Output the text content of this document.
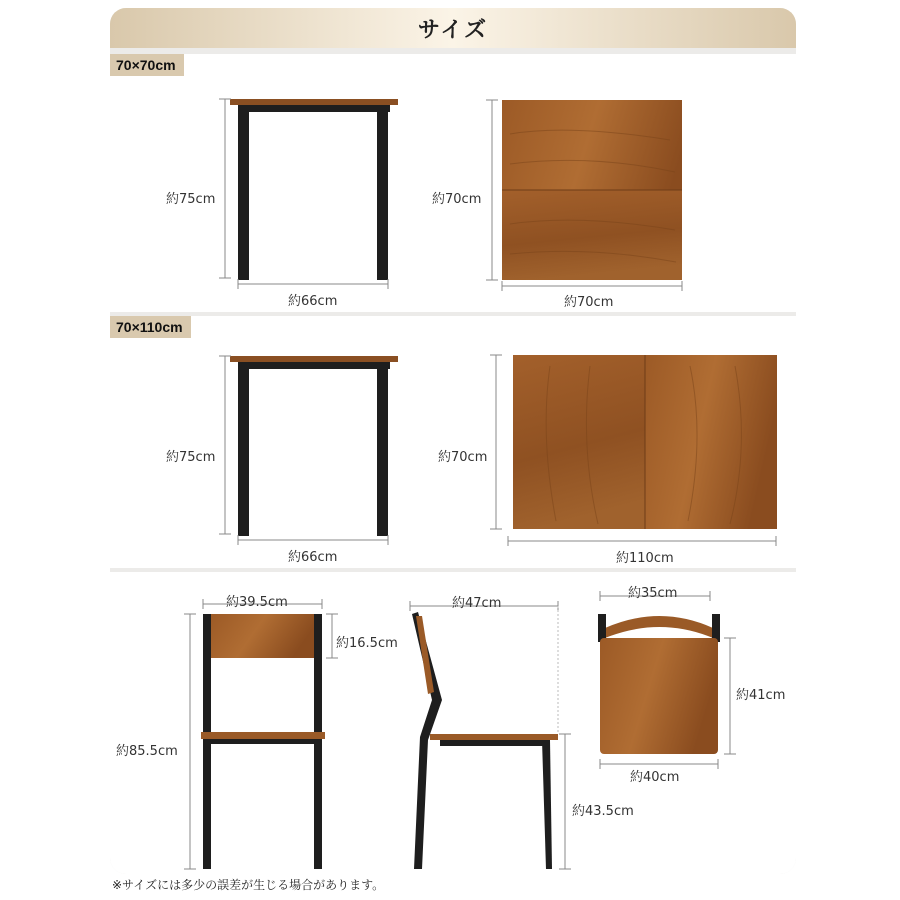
サイズ
70×70cm
約75cm
約66cm
約70cm
約70cm
70×110cm
約75cm
約66cm
約70cm
約110cm
約39.5cm
約16.5cm
約85.5cm
約47cm
約43.5cm
約35cm
約40cm
約41cm
※サイズには多少の誤差が生じる場合があります。
